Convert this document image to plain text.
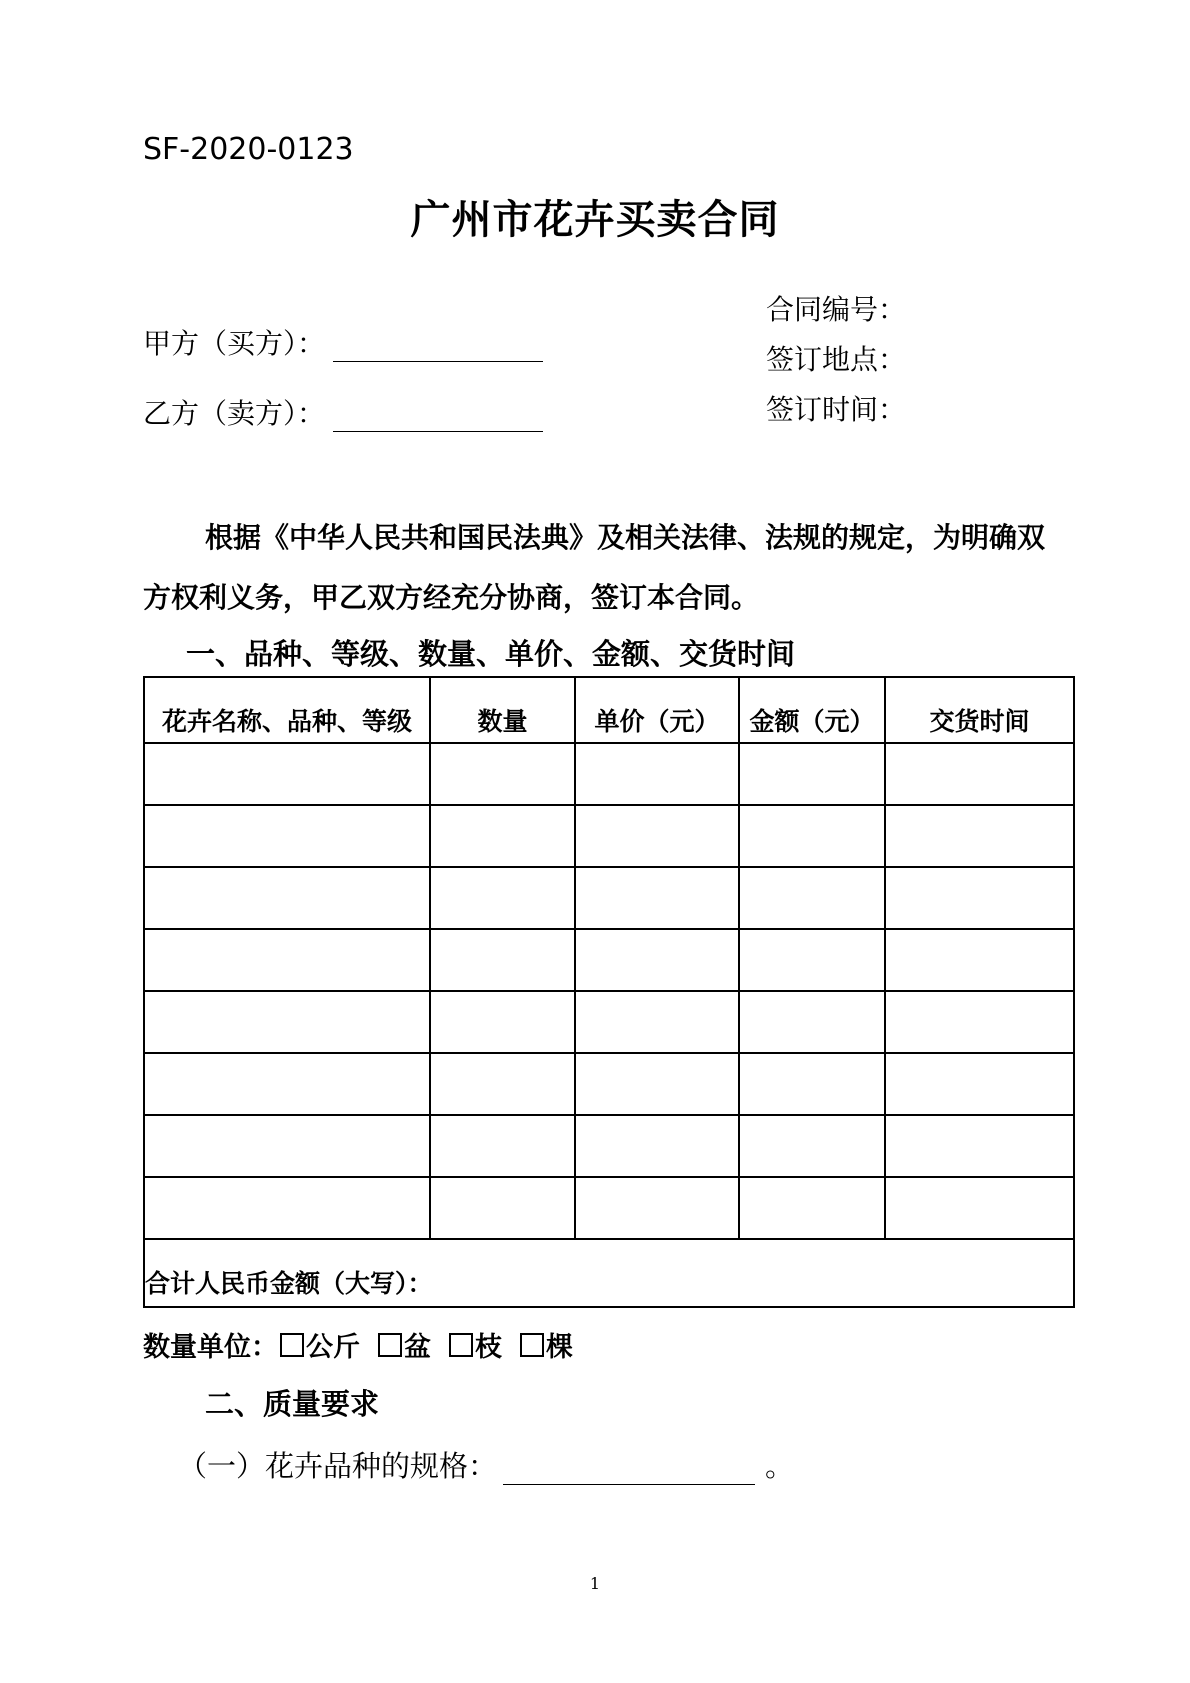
SF-2020-0123
广州市花卉买卖合同
甲方（买方）：
乙方（卖方）：
合同编号：
签订地点：
签订时间：
根据《中华人民共和国民法典》及相关法律、法规的规定，为明确双方权利义务，甲乙双方经充分协商，签订本合同。
一、品种、等级、数量、单价、金额、交货时间
花卉名称、品种、等级	数量	单价（元）	金额（元）	交货时间

合计人民币金额（大写）：				
数量单位： 公斤 盆 枝 棵
二、质量要求
（一）花卉品种的规格：	。
1
